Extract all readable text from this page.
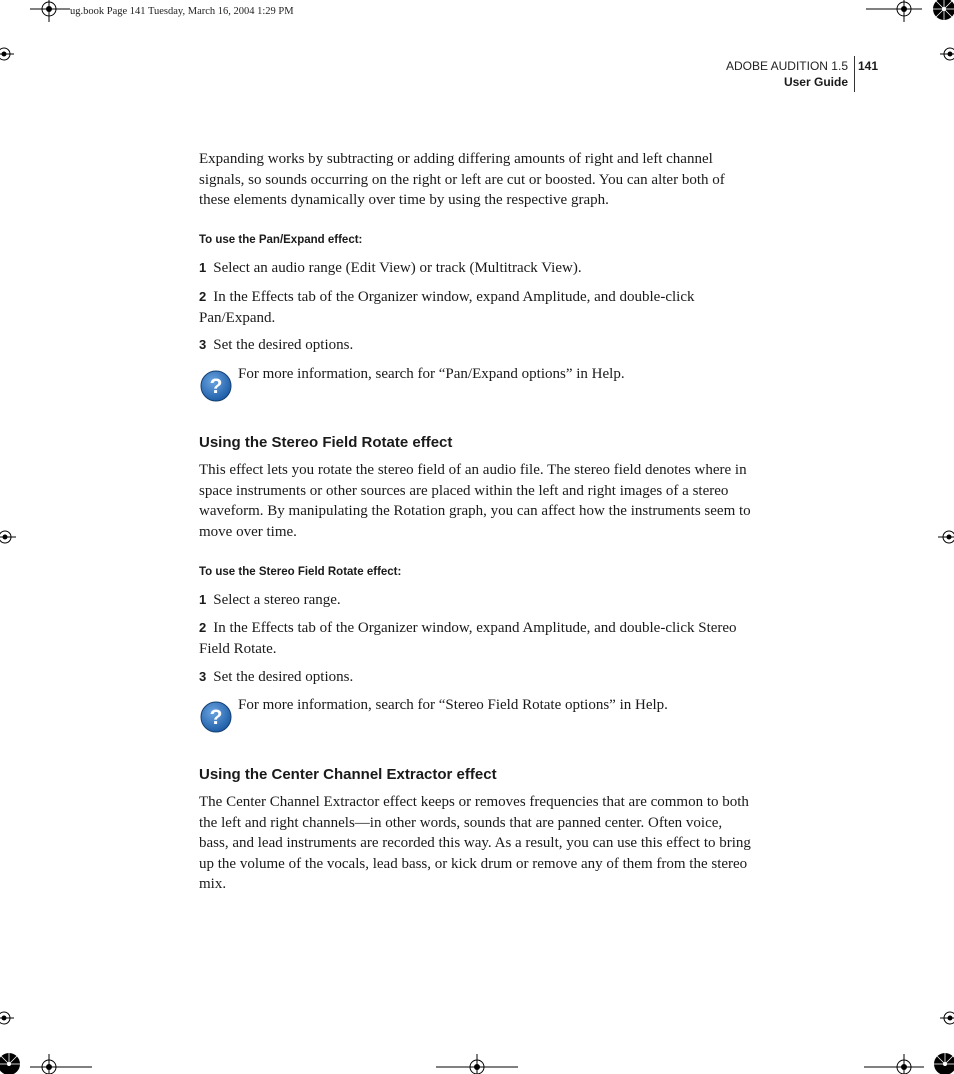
ug.book Page 141 Tuesday, March 16, 2004 1:29 PM
ADOBE AUDITION 1.5
User Guide
141

Expanding works by subtracting or adding differing amounts of right and left channel signals, so sounds occurring on the right or left are cut or boosted. You can alter both of these elements dynamically over time by using the respective graph.

To use the Pan/Expand effect:

1 Select an audio range (Edit View) or track (Multitrack View).

2 In the Effects tab of the Organizer window, expand Amplitude, and double-click Pan/Expand.

3 Set the desired options.

?
For more information, search for “Pan/Expand options” in Help.
Using the Stereo Field Rotate effect

This effect lets you rotate the stereo field of an audio file. The stereo field denotes where in space instruments or other sources are placed within the left and right images of a stereo waveform. By manipulating the Rotation graph, you can affect how the instruments seem to move over time.

To use the Stereo Field Rotate effect:

1 Select a stereo range.

2 In the Effects tab of the Organizer window, expand Amplitude, and double-click Stereo Field Rotate.

3 Set the desired options.

?
For more information, search for “Stereo Field Rotate options” in Help.
Using the Center Channel Extractor effect

The Center Channel Extractor effect keeps or removes frequencies that are common to both the left and right channels—in other words, sounds that are panned center. Often voice, bass, and lead instruments are recorded this way. As a result, you can use this effect to bring up the volume of the vocals, lead bass, or kick drum or remove any of them from the stereo mix.
